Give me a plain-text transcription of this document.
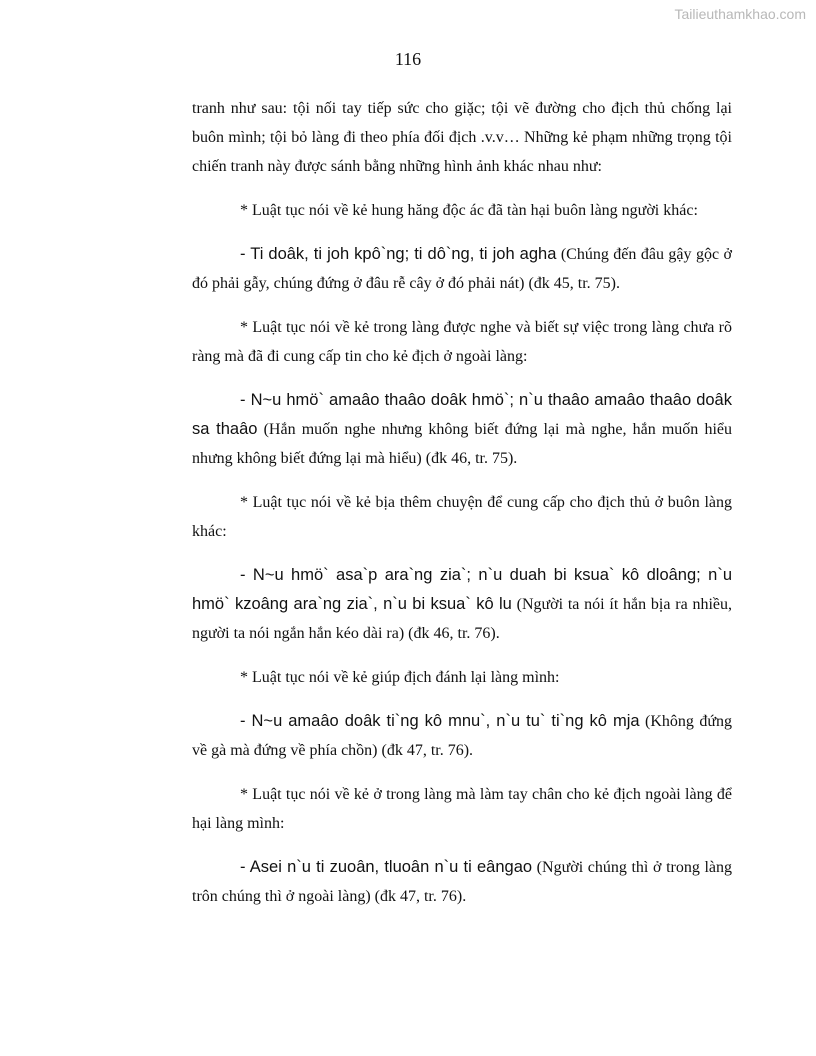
Tailieuthamkhao.com
116

tranh như sau: tội nối tay tiếp sức cho giặc; tội vẽ đường cho địch thủ chống lại buôn mình; tội bỏ làng đi theo phía đối địch .v.v… Những kẻ phạm những trọng tội chiến tranh này được sánh bằng những hình ảnh khác nhau như:

* Luật tục nói về kẻ hung hăng độc ác đã tàn hại buôn làng người khác:

- Ti doâk, ti joh kpô`ng; ti dô`ng, ti joh agha (Chúng đến đâu gậy gộc ở đó phải gẫy, chúng đứng ở đâu rễ cây ở đó phải nát) (đk 45, tr. 75).

* Luật tục nói về kẻ trong làng được nghe và biết sự việc trong làng chưa rõ ràng mà đã đi cung cấp tin cho kẻ địch ở ngoài làng:

- N~u hmö` amaâo thaâo doâk hmö`; n`u thaâo amaâo thaâo doâk sa thaâo (Hắn muốn nghe nhưng không biết đứng lại mà nghe, hắn muốn hiểu nhưng không biết đứng lại mà hiểu) (đk 46, tr. 75).

* Luật tục nói về kẻ bịa thêm chuyện để cung cấp cho địch thủ ở buôn làng khác:

- N~u hmö` asa`p ara`ng zia`; n`u duah bi ksua` kô dloâng; n`u hmö` kzoâng ara`ng zia`, n`u bi ksua` kô lu (Người ta nói ít hắn bịa ra nhiều, người ta nói ngắn hắn kéo dài ra) (đk 46, tr. 76).

* Luật tục nói về kẻ giúp địch đánh lại làng mình:

- N~u amaâo doâk ti`ng kô mnu`, n`u tu` ti`ng kô mja (Không đứng về gà mà đứng về phía chồn) (đk 47, tr. 76).

* Luật tục nói về kẻ ở trong làng mà làm tay chân cho kẻ địch ngoài làng để hại làng mình:

- Asei n`u ti zuoân, tluoân n`u ti eângao (Người chúng thì ở trong làng trôn chúng thì ở ngoài làng) (đk 47, tr. 76).
